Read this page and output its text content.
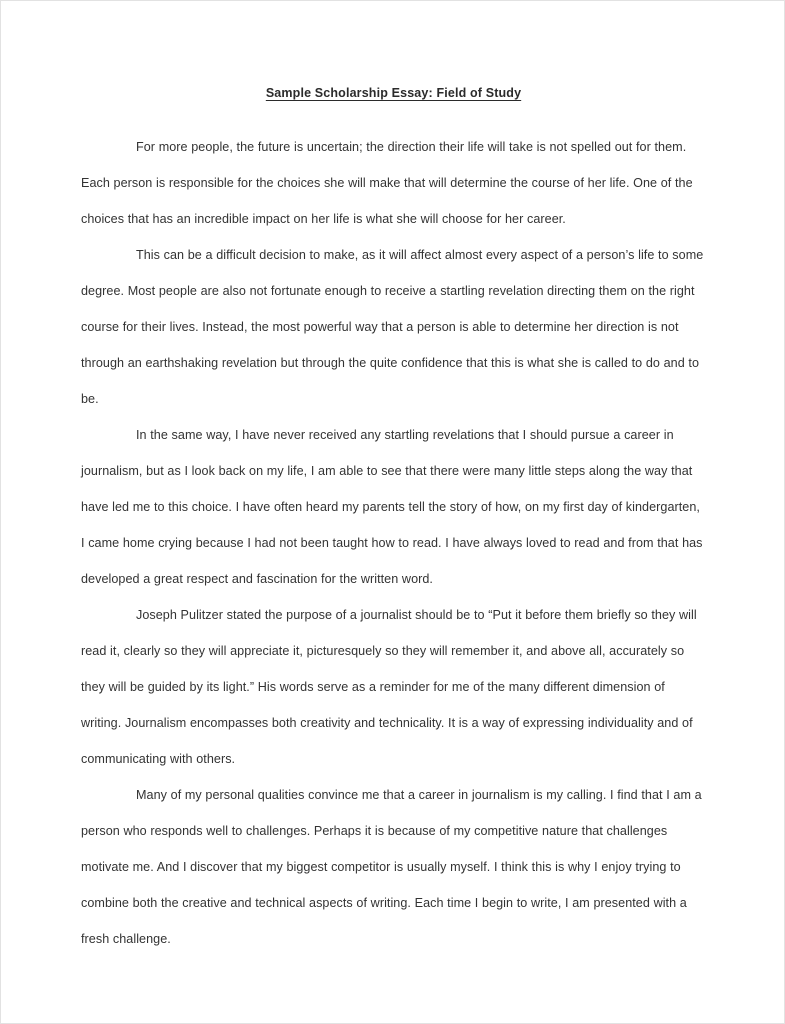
Sample Scholarship Essay: Field of Study

For more people, the future is uncertain; the direction their life will take is not spelled out for them. Each person is responsible for the choices she will make that will determine the course of her life. One of the choices that has an incredible impact on her life is what she will choose for her career.

This can be a difficult decision to make, as it will affect almost every aspect of a person’s life to some degree. Most people are also not fortunate enough to receive a startling revelation directing them on the right course for their lives. Instead, the most powerful way that a person is able to determine her direction is not through an earthshaking revelation but through the quite confidence that this is what she is called to do and to be.

In the same way, I have never received any startling revelations that I should pursue a career in journalism, but as I look back on my life, I am able to see that there were many little steps along the way that have led me to this choice. I have often heard my parents tell the story of how, on my first day of kindergarten, I came home crying because I had not been taught how to read. I have always loved to read and from that has developed a great respect and fascination for the written word.

Joseph Pulitzer stated the purpose of a journalist should be to “Put it before them briefly so they will read it, clearly so they will appreciate it, picturesquely so they will remember it, and above all, accurately so they will be guided by its light.” His words serve as a reminder for me of the many different dimension of writing. Journalism encompasses both creativity and technicality. It is a way of expressing individuality and of communicating with others.

Many of my personal qualities convince me that a career in journalism is my calling. I find that I am a person who responds well to challenges. Perhaps it is because of my competitive nature that challenges motivate me. And I discover that my biggest competitor is usually myself. I think this is why I enjoy trying to combine both the creative and technical aspects of writing. Each time I begin to write, I am presented with a fresh challenge.
